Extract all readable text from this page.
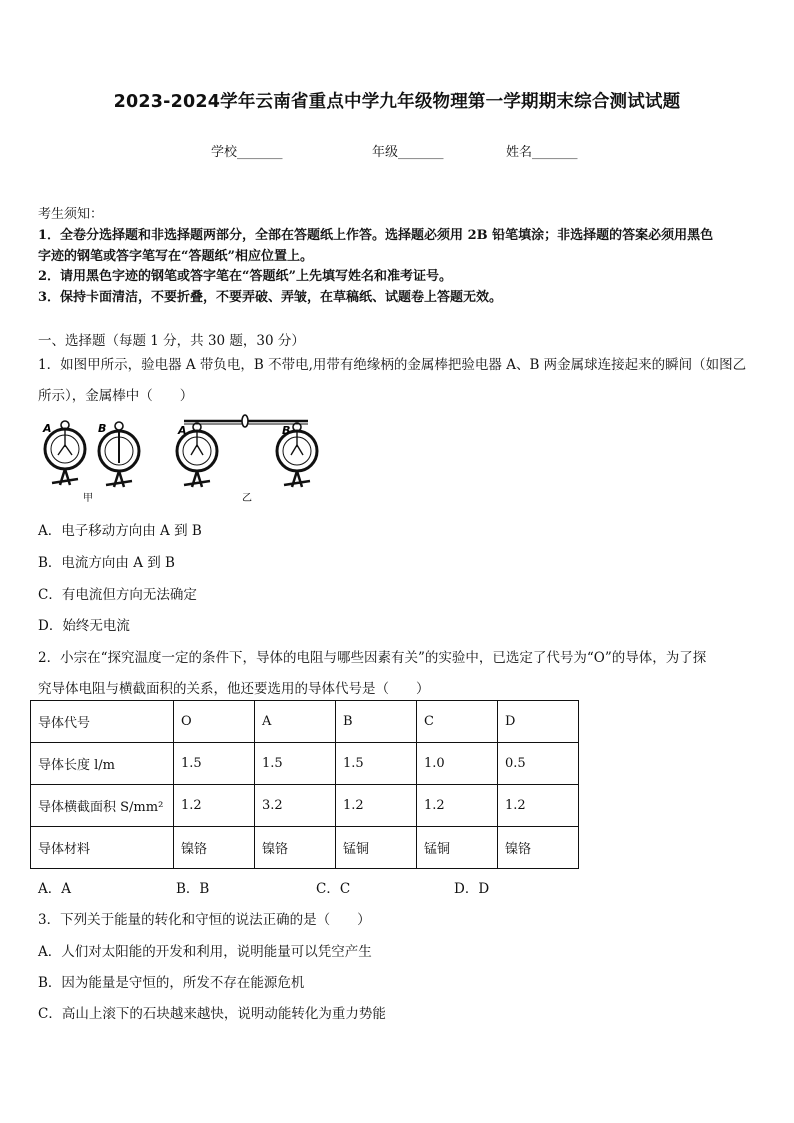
2023-2024学年云南省重点中学九年级物理第一学期期末综合测试试题
学校_______	年级_______	姓名_______
考生须知：
1．全卷分选择题和非选择题两部分，全部在答题纸上作答。选择题必须用 2B 铅笔填涂；非选择题的答案必须用黑色
字迹的钢笔或答字笔写在“答题纸”相应位置上。
2．请用黑色字迹的钢笔或答字笔在“答题纸”上先填写姓名和准考证号。
3．保持卡面清洁，不要折叠，不要弄破、弄皱，在草稿纸、试题卷上答题无效。
一、选择题（每题 1 分，共 30 题，30 分）
1．如图甲所示，验电器 A 带负电，B 不带电,用带有绝缘柄的金属棒把验电器 A、B 两金属球连接起来的瞬间（如图乙
所示），金属棒中（　　）
A	B	A	B
甲	乙
A．电子移动方向由 A 到 B
B．电流方向由 A 到 B
C．有电流但方向无法确定
D．始终无电流
2．小宗在“探究温度一定的条件下，导体的电阻与哪些因素有关”的实验中，已选定了代号为“O”的导体，为了探
究导体电阻与横截面积的关系，他还要选用的导体代号是（　　）
导体代号	O	A	B	C	D
导体长度 l/m	1.5	1.5	1.5	1.0	0.5
导体横截面积 S/mm²	1.2	3.2	1.2	1.2	1.2
导体材料	镍铬	镍铬	锰铜	锰铜	镍铬
A．A	B．B	C．C	D．D
3．下列关于能量的转化和守恒的说法正确的是（　　）
A．人们对太阳能的开发和利用，说明能量可以凭空产生
B．因为能量是守恒的，所发不存在能源危机
C．高山上滚下的石块越来越快，说明动能转化为重力势能
